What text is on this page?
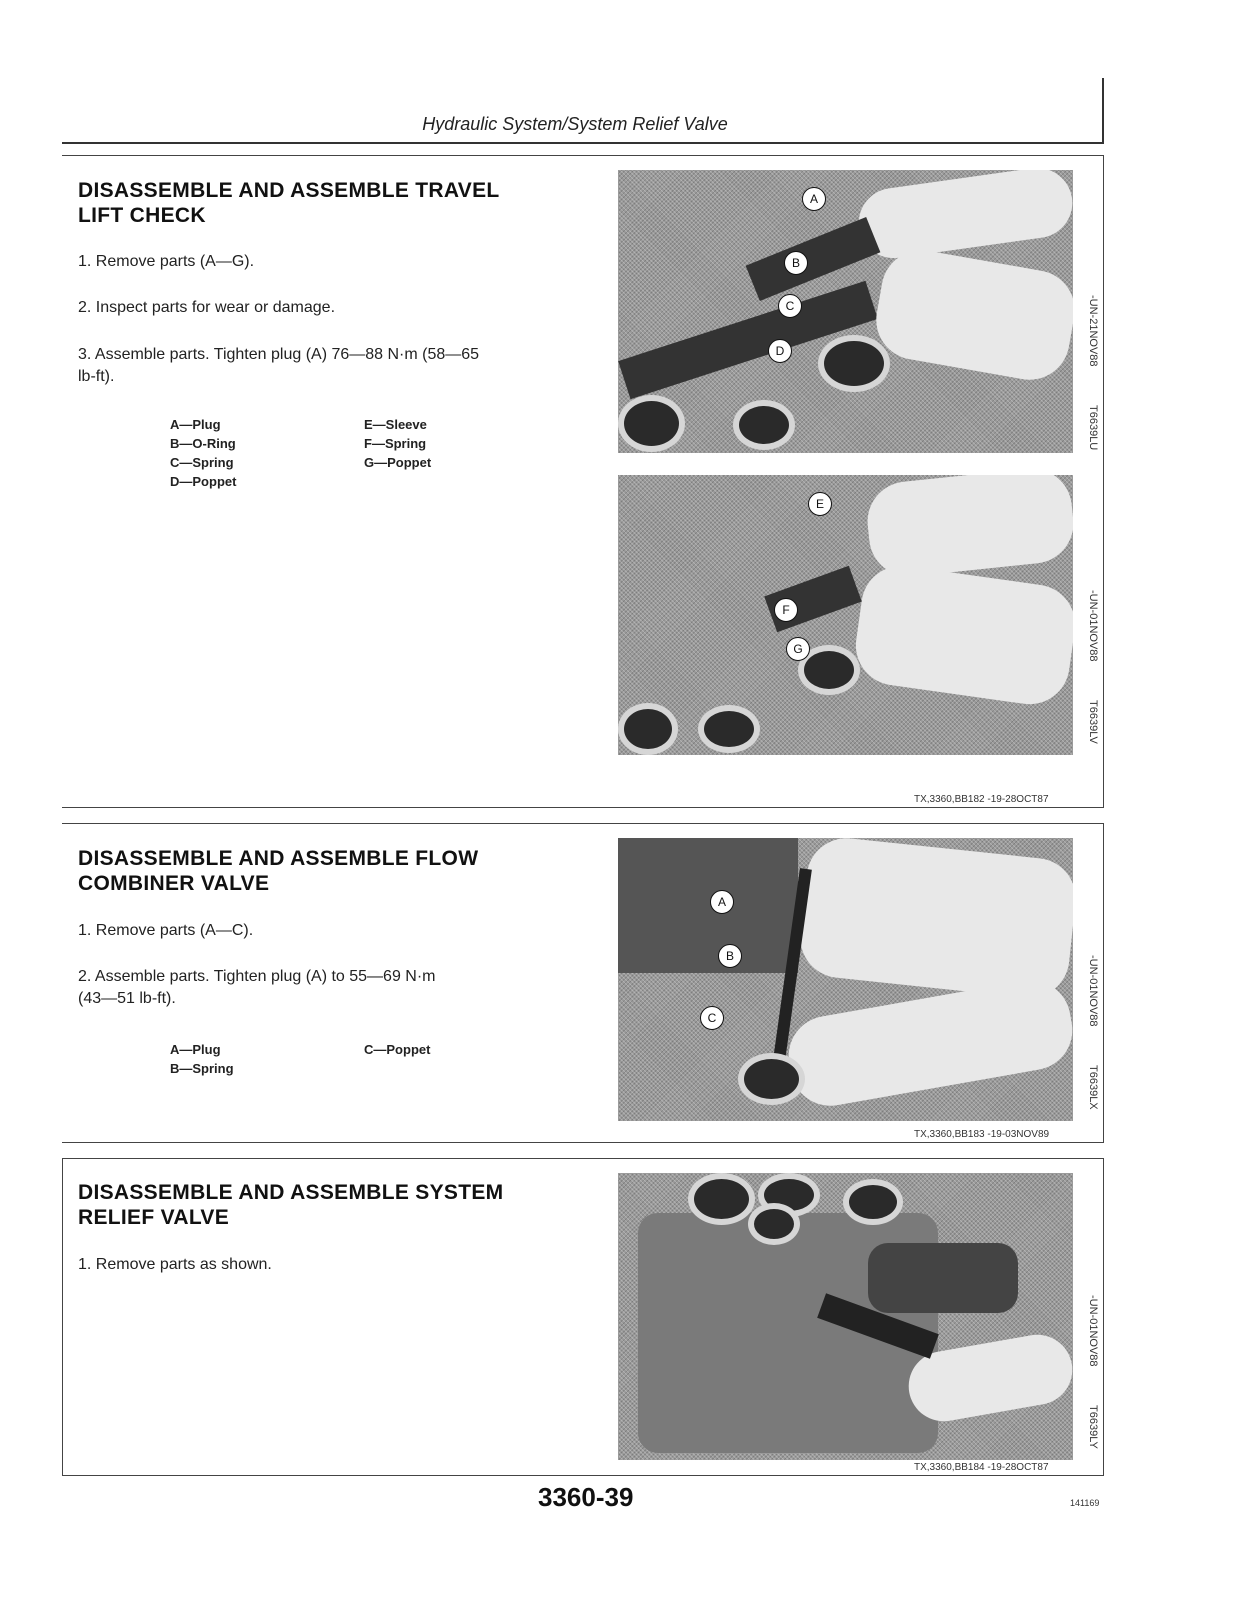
Hydraulic System/System Relief Valve
DISASSEMBLE AND ASSEMBLE TRAVEL
LIFT CHECK
1. Remove parts (A—G).
2. Inspect parts for wear or damage.
3. Assemble parts. Tighten plug (A) 76—88 N·m (58—65
lb-ft).
A—Plug
B—O-Ring
C—Spring
D—Poppet
E—Sleeve
F—Spring
G—Poppet
A
B
C
D	-UN-21NOV88
T6639LU
E
F
G	-UN-01NOV88
T6639LV
TX,3360,BB182 -19-28OCT87
DISASSEMBLE AND ASSEMBLE FLOW
COMBINER VALVE
1. Remove parts (A—C).
2. Assemble parts. Tighten plug (A) to 55—69 N·m
(43—51 lb-ft).
A—Plug
B—Spring
C—Poppet
A
B
C	-UN-01NOV88
T6639LX
TX,3360,BB183 -19-03NOV89
DISASSEMBLE AND ASSEMBLE SYSTEM
RELIEF VALVE
1. Remove parts as shown.
-UN-01NOV88
T6639LY
TX,3360,BB184 -19-28OCT87
3360-39	141169
